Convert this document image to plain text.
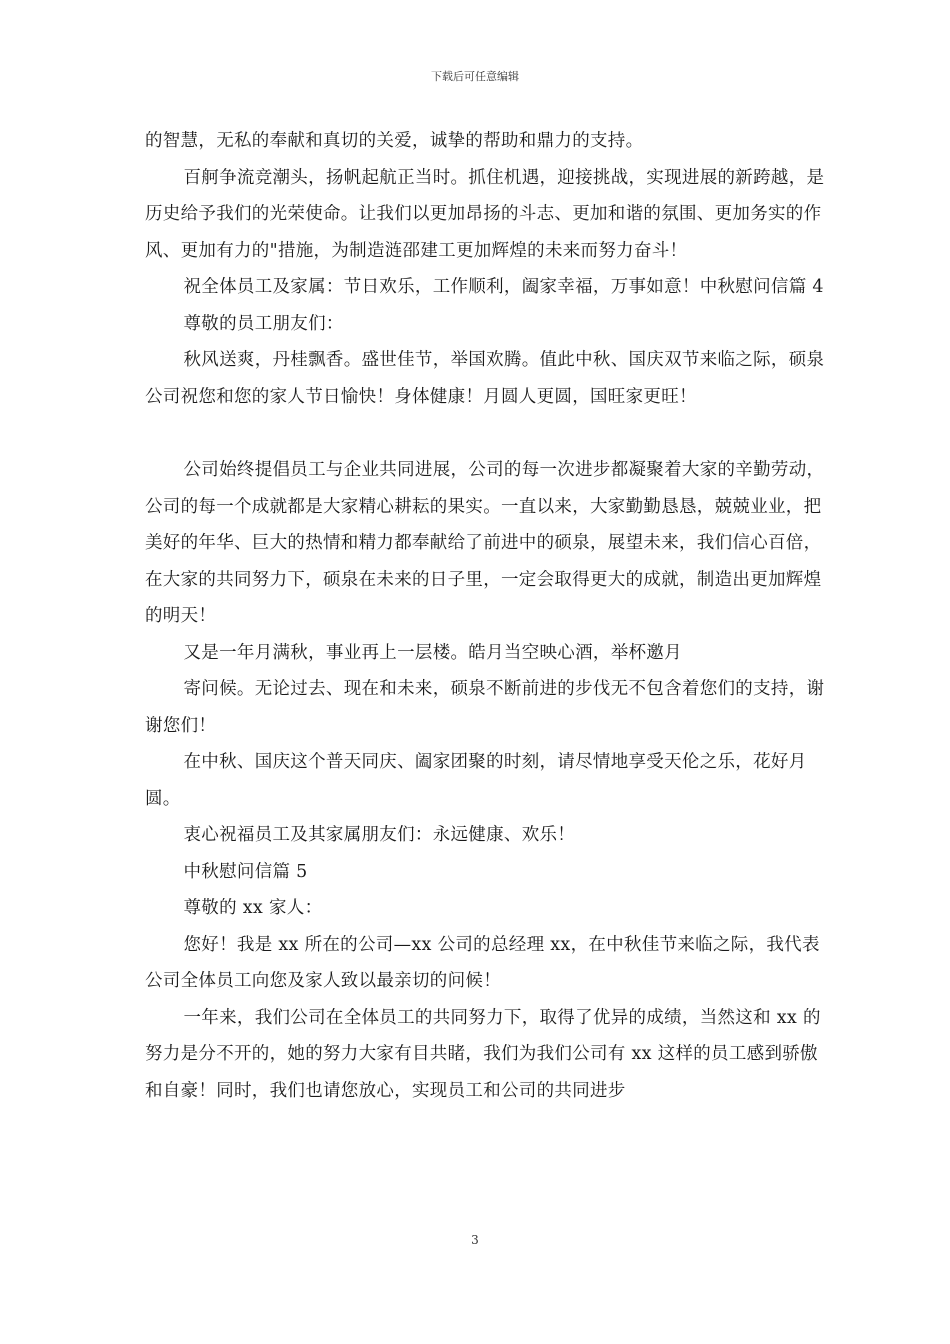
下载后可任意编辑

的智慧，无私的奉献和真切的关爱，诚挚的帮助和鼎力的支持。

百舸争流竞潮头，扬帆起航正当时。抓住机遇，迎接挑战，实现进展的新跨越，是历史给予我们的光荣使命。让我们以更加昂扬的斗志、更加和谐的氛围、更加务实的作风、更加有力的"措施，为制造涟邵建工更加辉煌的未来而努力奋斗！

祝全体员工及家属：节日欢乐，工作顺利，阖家幸福，万事如意！中秋慰问信篇 4

尊敬的员工朋友们：

秋风送爽，丹桂飘香。盛世佳节，举国欢腾。值此中秋、国庆双节来临之际，硕泉公司祝您和您的家人节日愉快！身体健康！月圆人更圆，国旺家更旺！

公司始终提倡员工与企业共同进展，公司的每一次进步都凝聚着大家的辛勤劳动，公司的每一个成就都是大家精心耕耘的果实。一直以来，大家勤勤恳恳，兢兢业业，把美好的年华、巨大的热情和精力都奉献给了前进中的硕泉，展望未来，我们信心百倍，在大家的共同努力下，硕泉在未来的日子里，一定会取得更大的成就，制造出更加辉煌的明天！

又是一年月满秋，事业再上一层楼。皓月当空映心酒，举杯邀月

寄问候。无论过去、现在和未来，硕泉不断前进的步伐无不包含着您们的支持，谢谢您们！

在中秋、国庆这个普天同庆、阖家团聚的时刻，请尽情地享受天伦之乐，花好月圆。

衷心祝福员工及其家属朋友们：永远健康、欢乐！

中秋慰问信篇 5

尊敬的 xx 家人：

您好！我是 xx 所在的公司—xx 公司的总经理 xx，在中秋佳节来临之际，我代表公司全体员工向您及家人致以最亲切的问候！

一年来，我们公司在全体员工的共同努力下，取得了优异的成绩，当然这和 xx 的努力是分不开的，她的努力大家有目共睹，我们为我们公司有 xx 这样的员工感到骄傲和自豪！同时，我们也请您放心，实现员工和公司的共同进步

3
